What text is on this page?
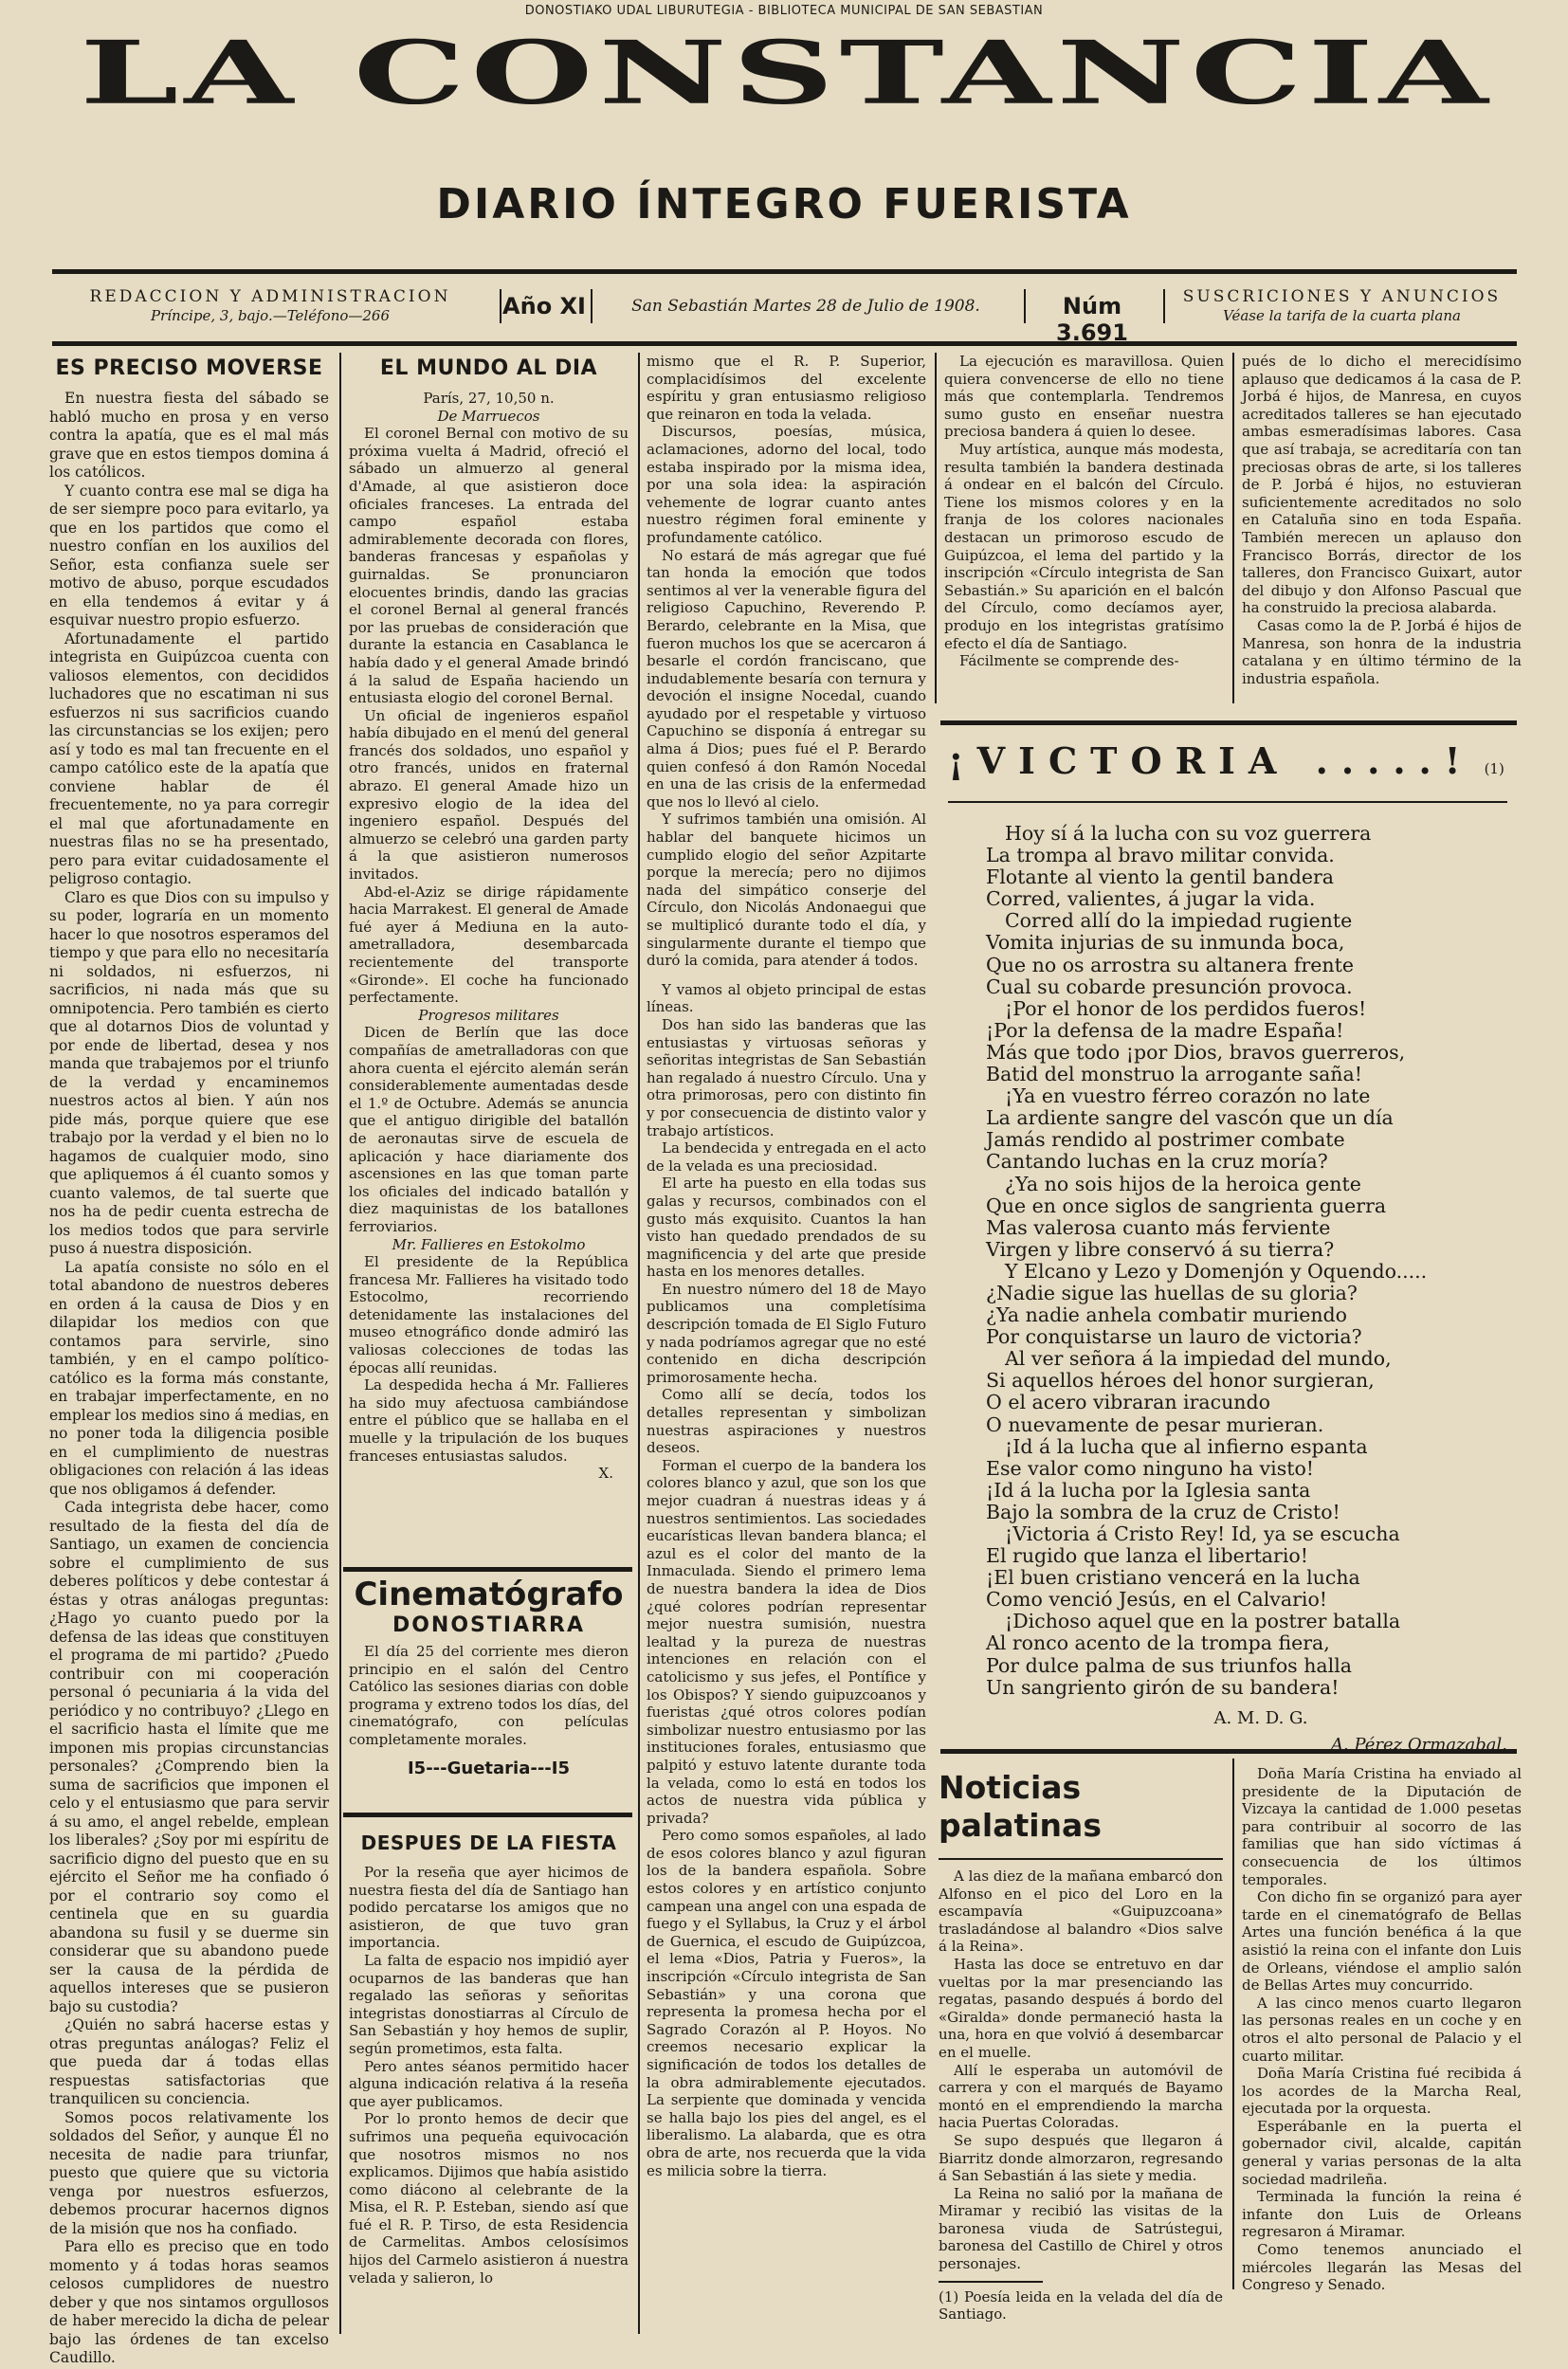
DONOSTIAKO UDAL LIBURUTEGIA - BIBLIOTECA MUNICIPAL DE SAN SEBASTIAN
LA CONSTANCIA
DIARIO ÍNTEGRO FUERISTA
REDACCION Y ADMINISTRACION
Príncipe, 3, bajo.—Teléfono—266	Año XI	San Sebastián Martes 28 de Julio de 1908.	Núm 3.691
SUSCRICIONES Y ANUNCIOS
Véase la tarifa de la cuarta plana
ES PRECISO MOVERSE

En nuestra fiesta del sábado se habló mucho en prosa y en verso contra la apatía, que es el mal más grave que en estos tiempos domina á los católicos.

Y cuanto contra ese mal se diga ha de ser siempre poco para evitarlo, ya que en los partidos que como el nuestro confían en los auxilios del Señor, esta confianza suele ser motivo de abuso, porque escudados en ella tendemos á evitar y á esquivar nuestro propio esfuerzo.

Afortunadamente el partido integrista en Guipúzcoa cuenta con valiosos elementos, con decididos luchadores que no escatiman ni sus esfuerzos ni sus sacrificios cuando las circunstancias se los exijen; pero así y todo es mal tan frecuente en el campo católico este de la apatía que conviene hablar de él frecuentemente, no ya para corregir el mal que afortunadamente en nuestras filas no se ha presentado, pero para evitar cuidadosamente el peligroso contagio.

Claro es que Dios con su impulso y su poder, lograría en un momento hacer lo que nosotros esperamos del tiempo y que para ello no necesitaría ni soldados, ni esfuerzos, ni sacrificios, ni nada más que su omnipotencia. Pero también es cierto que al dotarnos Dios de voluntad y por ende de libertad, desea y nos manda que trabajemos por el triunfo de la verdad y encaminemos nuestros actos al bien. Y aún nos pide más, porque quiere que ese trabajo por la verdad y el bien no lo hagamos de cualquier modo, sino que apliquemos á él cuanto somos y cuanto valemos, de tal suerte que nos ha de pedir cuenta estrecha de los medios todos que para servirle puso á nuestra disposición.

La apatía consiste no sólo en el total abandono de nuestros deberes en orden á la causa de Dios y en dilapidar los medios con que contamos para servirle, sino también, y en el campo político-católico es la forma más constante, en trabajar imperfectamente, en no emplear los medios sino á medias, en no poner toda la diligencia posible en el cumplimiento de nuestras obligaciones con relación á las ideas que nos obligamos á defender.

Cada integrista debe hacer, como resultado de la fiesta del día de Santiago, un examen de conciencia sobre el cumplimiento de sus deberes políticos y debe contestar á éstas y otras análogas preguntas: ¿Hago yo cuanto puedo por la defensa de las ideas que constituyen el programa de mi partido? ¿Puedo contribuir con mi cooperación personal ó pecuniaria á la vida del periódico y no contribuyo? ¿Llego en el sacrificio hasta el límite que me imponen mis propias circunstancias personales? ¿Comprendo bien la suma de sacrificios que imponen el celo y el entusiasmo que para servir á su amo, el angel rebelde, emplean los liberales? ¿Soy por mi espíritu de sacrificio digno del puesto que en su ejército el Señor me ha confiado ó por el contrario soy como el centinela que en su guardia abandona su fusil y se duerme sin considerar que su abandono puede ser la causa de la pérdida de aquellos intereses que se pusieron bajo su custodia?

¿Quién no sabrá hacerse estas y otras preguntas análogas? Feliz el que pueda dar á todas ellas respuestas satisfactorias que tranquilicen su conciencia.

Somos pocos relativamente los soldados del Señor, y aunque Él no necesita de nadie para triunfar, puesto que quiere que su victoria venga por nuestros esfuerzos, debemos procurar hacernos dignos de la misión que nos ha confiado.

Para ello es preciso que en todo momento y á todas horas seamos celosos cumplidores de nuestro deber y que nos sintamos orgullosos de haber merecido la dicha de pelear bajo las órdenes de tan excelso Caudillo.

EL MUNDO AL DIA

París, 27, 10,50 n.

De Marruecos

El coronel Bernal con motivo de su próxima vuelta á Madrid, ofreció el sábado un almuerzo al general d'Amade, al que asistieron doce oficiales franceses. La entrada del campo español estaba admirablemente decorada con flores, banderas francesas y españolas y guirnaldas. Se pronunciaron elocuentes brindis, dando las gracias el coronel Bernal al general francés por las pruebas de consideración que durante la estancia en Casablanca le había dado y el general Amade brindó á la salud de España haciendo un entusiasta elogio del coronel Bernal.

Un oficial de ingenieros español había dibujado en el menú del general francés dos soldados, uno español y otro francés, unidos en fraternal abrazo. El general Amade hizo un expresivo elogio de la idea del ingeniero español. Después del almuerzo se celebró una garden party á la que asistieron numerosos invitados.

Abd-el-Aziz se dirige rápidamente hacia Marrakest. El general de Amade fué ayer á Mediuna en la auto-ametralladora, desembarcada recientemente del transporte «Gironde». El coche ha funcionado perfectamente.

Progresos militares

Dicen de Berlín que las doce compañías de ametralladoras con que ahora cuenta el ejército alemán serán considerablemente aumentadas desde el 1.º de Octubre. Además se anuncia que el antiguo dirigible del batallón de aeronautas sirve de escuela de aplicación y hace diariamente dos ascensiones en las que toman parte los oficiales del indicado batallón y diez maquinistas de los batallones ferroviarios.

Mr. Fallieres en Estokolmo

El presidente de la República francesa Mr. Fallieres ha visitado todo Estocolmo, recorriendo detenidamente las instalaciones del museo etnográfico donde admiró las valiosas colecciones de todas las épocas allí reunidas.

La despedida hecha á Mr. Fallieres ha sido muy afectuosa cambiándose entre el público que se hallaba en el muelle y la tripulación de los buques franceses entusiastas saludos.

X.

Cinematógrafo
DONOSTIARRA

El día 25 del corriente mes dieron principio en el salón del Centro Católico las sesiones diarias con doble programa y extreno todos los días, del cinematógrafo, con películas completamente morales.

I5---Guetaria---I5

DESPUES DE LA FIESTA

Por la reseña que ayer hicimos de nuestra fiesta del día de Santiago han podido percatarse los amigos que no asistieron, de que tuvo gran importancia.

La falta de espacio nos impidió ayer ocuparnos de las banderas que han regalado las señoras y señoritas integristas donostiarras al Círculo de San Sebastián y hoy hemos de suplir, según prometimos, esta falta.

Pero antes séanos permitido hacer alguna indicación relativa á la reseña que ayer publicamos.

Por lo pronto hemos de decir que sufrimos una pequeña equivocación que nosotros mismos no nos explicamos. Dijimos que había asistido como diácono al celebrante de la Misa, el R. P. Esteban, siendo así que fué el R. P. Tirso, de esta Residencia de Carmelitas. Ambos celosísimos hijos del Carmelo asistieron á nuestra velada y salieron, lo

mismo que el R. P. Superior, complacidísimos del excelente espíritu y gran entusiasmo religioso que reinaron en toda la velada.

Discursos, poesías, música, aclamaciones, adorno del local, todo estaba inspirado por la misma idea, por una sola idea: la aspiración vehemente de lograr cuanto antes nuestro régimen foral eminente y profundamente católico.

No estará de más agregar que fué tan honda la emoción que todos sentimos al ver la venerable figura del religioso Capuchino, Reverendo P. Berardo, celebrante en la Misa, que fueron muchos los que se acercaron á besarle el cordón franciscano, que indudablemente besaría con ternura y devoción el insigne Nocedal, cuando ayudado por el respetable y virtuoso Capuchino se disponía á entregar su alma á Dios; pues fué el P. Berardo quien confesó á don Ramón Nocedal en una de las crisis de la enfermedad que nos lo llevó al cielo.

Y sufrimos también una omisión. Al hablar del banquete hicimos un cumplido elogio del señor Azpitarte porque la merecía; pero no dijimos nada del simpático conserje del Círculo, don Nicolás Andonaegui que se multiplicó durante todo el día, y singularmente durante el tiempo que duró la comida, para atender á todos.

Y vamos al objeto principal de estas líneas.

Dos han sido las banderas que las entusiastas y virtuosas señoras y señoritas integristas de San Sebastián han regalado á nuestro Círculo. Una y otra primorosas, pero con distinto fin y por consecuencia de distinto valor y trabajo artísticos.

La bendecida y entregada en el acto de la velada es una preciosidad.

El arte ha puesto en ella todas sus galas y recursos, combinados con el gusto más exquisito. Cuantos la han visto han quedado prendados de su magnificencia y del arte que preside hasta en los menores detalles.

En nuestro número del 18 de Mayo publicamos una completísima descripción tomada de El Siglo Futuro y nada podríamos agregar que no esté contenido en dicha descripción primorosamente hecha.

Como allí se decía, todos los detalles representan y simbolizan nuestras aspiraciones y nuestros deseos.

Forman el cuerpo de la bandera los colores blanco y azul, que son los que mejor cuadran á nuestras ideas y á nuestros sentimientos. Las sociedades eucarísticas llevan bandera blanca; el azul es el color del manto de la Inmaculada. Siendo el primero lema de nuestra bandera la idea de Dios ¿qué colores podrían representar mejor nuestra sumisión, nuestra lealtad y la pureza de nuestras intenciones en relación con el catolicismo y sus jefes, el Pontífice y los Obispos? Y siendo guipuzcoanos y fueristas ¿qué otros colores podían simbolizar nuestro entusiasmo por las instituciones forales, entusiasmo que palpitó y estuvo latente durante toda la velada, como lo está en todos los actos de nuestra vida pública y privada?

Pero como somos españoles, al lado de esos colores blanco y azul figuran los de la bandera española. Sobre estos colores y en artístico conjunto campean una angel con una espada de fuego y el Syllabus, la Cruz y el árbol de Guernica, el escudo de Guipúzcoa, el lema «Dios, Patria y Fueros», la inscripción «Círculo integrista de San Sebastián» y una corona que representa la promesa hecha por el Sagrado Corazón al P. Hoyos. No creemos necesario explicar la significación de todos los detalles de la obra admirablemente ejecutados. La serpiente que dominada y vencida se halla bajo los pies del angel, es el liberalismo. La alabarda, que es otra obra de arte, nos recuerda que la vida es milicia sobre la tierra.

La ejecución es maravillosa. Quien quiera convencerse de ello no tiene más que contemplarla. Tendremos sumo gusto en enseñar nuestra preciosa bandera á quien lo desee.

Muy artística, aunque más modesta, resulta también la bandera destinada á ondear en el balcón del Círculo. Tiene los mismos colores y en la franja de los colores nacionales destacan un primoroso escudo de Guipúzcoa, el lema del partido y la inscripción «Círculo integrista de San Sebastián.» Su aparición en el balcón del Círculo, como decíamos ayer, produjo en los integristas gratísimo efecto el día de Santiago.

Fácilmente se comprende des-

pués de lo dicho el merecidísimo aplauso que dedicamos á la casa de P. Jorbá é hijos, de Manresa, en cuyos acreditados talleres se han ejecutado ambas esmeradísimas labores. Casa que así trabaja, se acreditaría con tan preciosas obras de arte, si los talleres de P. Jorbá é hijos, no estuvieran suficientemente acreditados no solo en Cataluña sino en toda España. También merecen un aplauso don Francisco Borrás, director de los talleres, don Francisco Guixart, autor del dibujo y don Alfonso Pascual que ha construido la preciosa alabarda.

Casas como la de P. Jorbá é hijos de Manresa, son honra de la industria catalana y en último término de la industria española.

¡VICTORIA .....! (1)
Hoy sí á la lucha con su voz guerrera
La trompa al bravo militar convida.
Flotante al viento la gentil bandera
Corred, valientes, á jugar la vida.
Corred allí do la impiedad rugiente
Vomita injurias de su inmunda boca,
Que no os arrostra su altanera frente
Cual su cobarde presunción provoca.
¡Por el honor de los perdidos fueros!
¡Por la defensa de la madre España!
Más que todo ¡por Dios, bravos guerreros,
Batid del monstruo la arrogante saña!
¡Ya en vuestro férreo corazón no late
La ardiente sangre del vascón que un día
Jamás rendido al postrimer combate
Cantando luchas en la cruz moría?
¿Ya no sois hijos de la heroica gente
Que en once siglos de sangrienta guerra
Mas valerosa cuanto más ferviente
Virgen y libre conservó á su tierra?
Y Elcano y Lezo y Domenjón y Oquendo.....
¿Nadie sigue las huellas de su gloria?
¿Ya nadie anhela combatir muriendo
Por conquistarse un lauro de victoria?
Al ver señora á la impiedad del mundo,
Si aquellos héroes del honor surgieran,
O el acero vibraran iracundo
O nuevamente de pesar murieran.
¡Id á la lucha que al infierno espanta
Ese valor como ninguno ha visto!
¡Id á la lucha por la Iglesia santa
Bajo la sombra de la cruz de Cristo!
¡Victoria á Cristo Rey! Id, ya se escucha
El rugido que lanza el libertario!
¡El buen cristiano vencerá en la lucha
Como venció Jesús, en el Calvario!
¡Dichoso aquel que en la postrer batalla
Al ronco acento de la trompa fiera,
Por dulce palma de sus triunfos halla
Un sangriento girón de su bandera!
A. M. D. G.
A. Pérez Ormazabal.
Noticias palatinas

A las diez de la mañana embarcó don Alfonso en el pico del Loro en la escampavía «Guipuzcoana» trasladándose al balandro «Dios salve á la Reina».

Hasta las doce se entretuvo en dar vueltas por la mar presenciando las regatas, pasando después á bordo del «Giralda» donde permaneció hasta la una, hora en que volvió á desembarcar en el muelle.

Allí le esperaba un automóvil de carrera y con el marqués de Bayamo montó en el emprendiendo la marcha hacia Puertas Coloradas.

Se supo después que llegaron á Biarritz donde almorzaron, regresando á San Sebastián á las siete y media.

La Reina no salió por la mañana de Miramar y recibió las visitas de la baronesa viuda de Satrústegui, baronesa del Castillo de Chirel y otros personajes.

(1) Poesía leida en la velada del día de Santiago.

Doña María Cristina ha enviado al presidente de la Diputación de Vizcaya la cantidad de 1.000 pesetas para contribuir al socorro de las familias que han sido víctimas á consecuencia de los últimos temporales.

Con dicho fin se organizó para ayer tarde en el cinematógrafo de Bellas Artes una función benéfica á la que asistió la reina con el infante don Luis de Orleans, viéndose el amplio salón de Bellas Artes muy concurrido.

A las cinco menos cuarto llegaron las personas reales en un coche y en otros el alto personal de Palacio y el cuarto militar.

Doña María Cristina fué recibida á los acordes de la Marcha Real, ejecutada por la orquesta.

Esperábanle en la puerta el gobernador civil, alcalde, capitán general y varias personas de la alta sociedad madrileña.

Terminada la función la reina é infante don Luis de Orleans regresaron á Miramar.

Como tenemos anunciado el miércoles llegarán las Mesas del Congreso y Senado.
